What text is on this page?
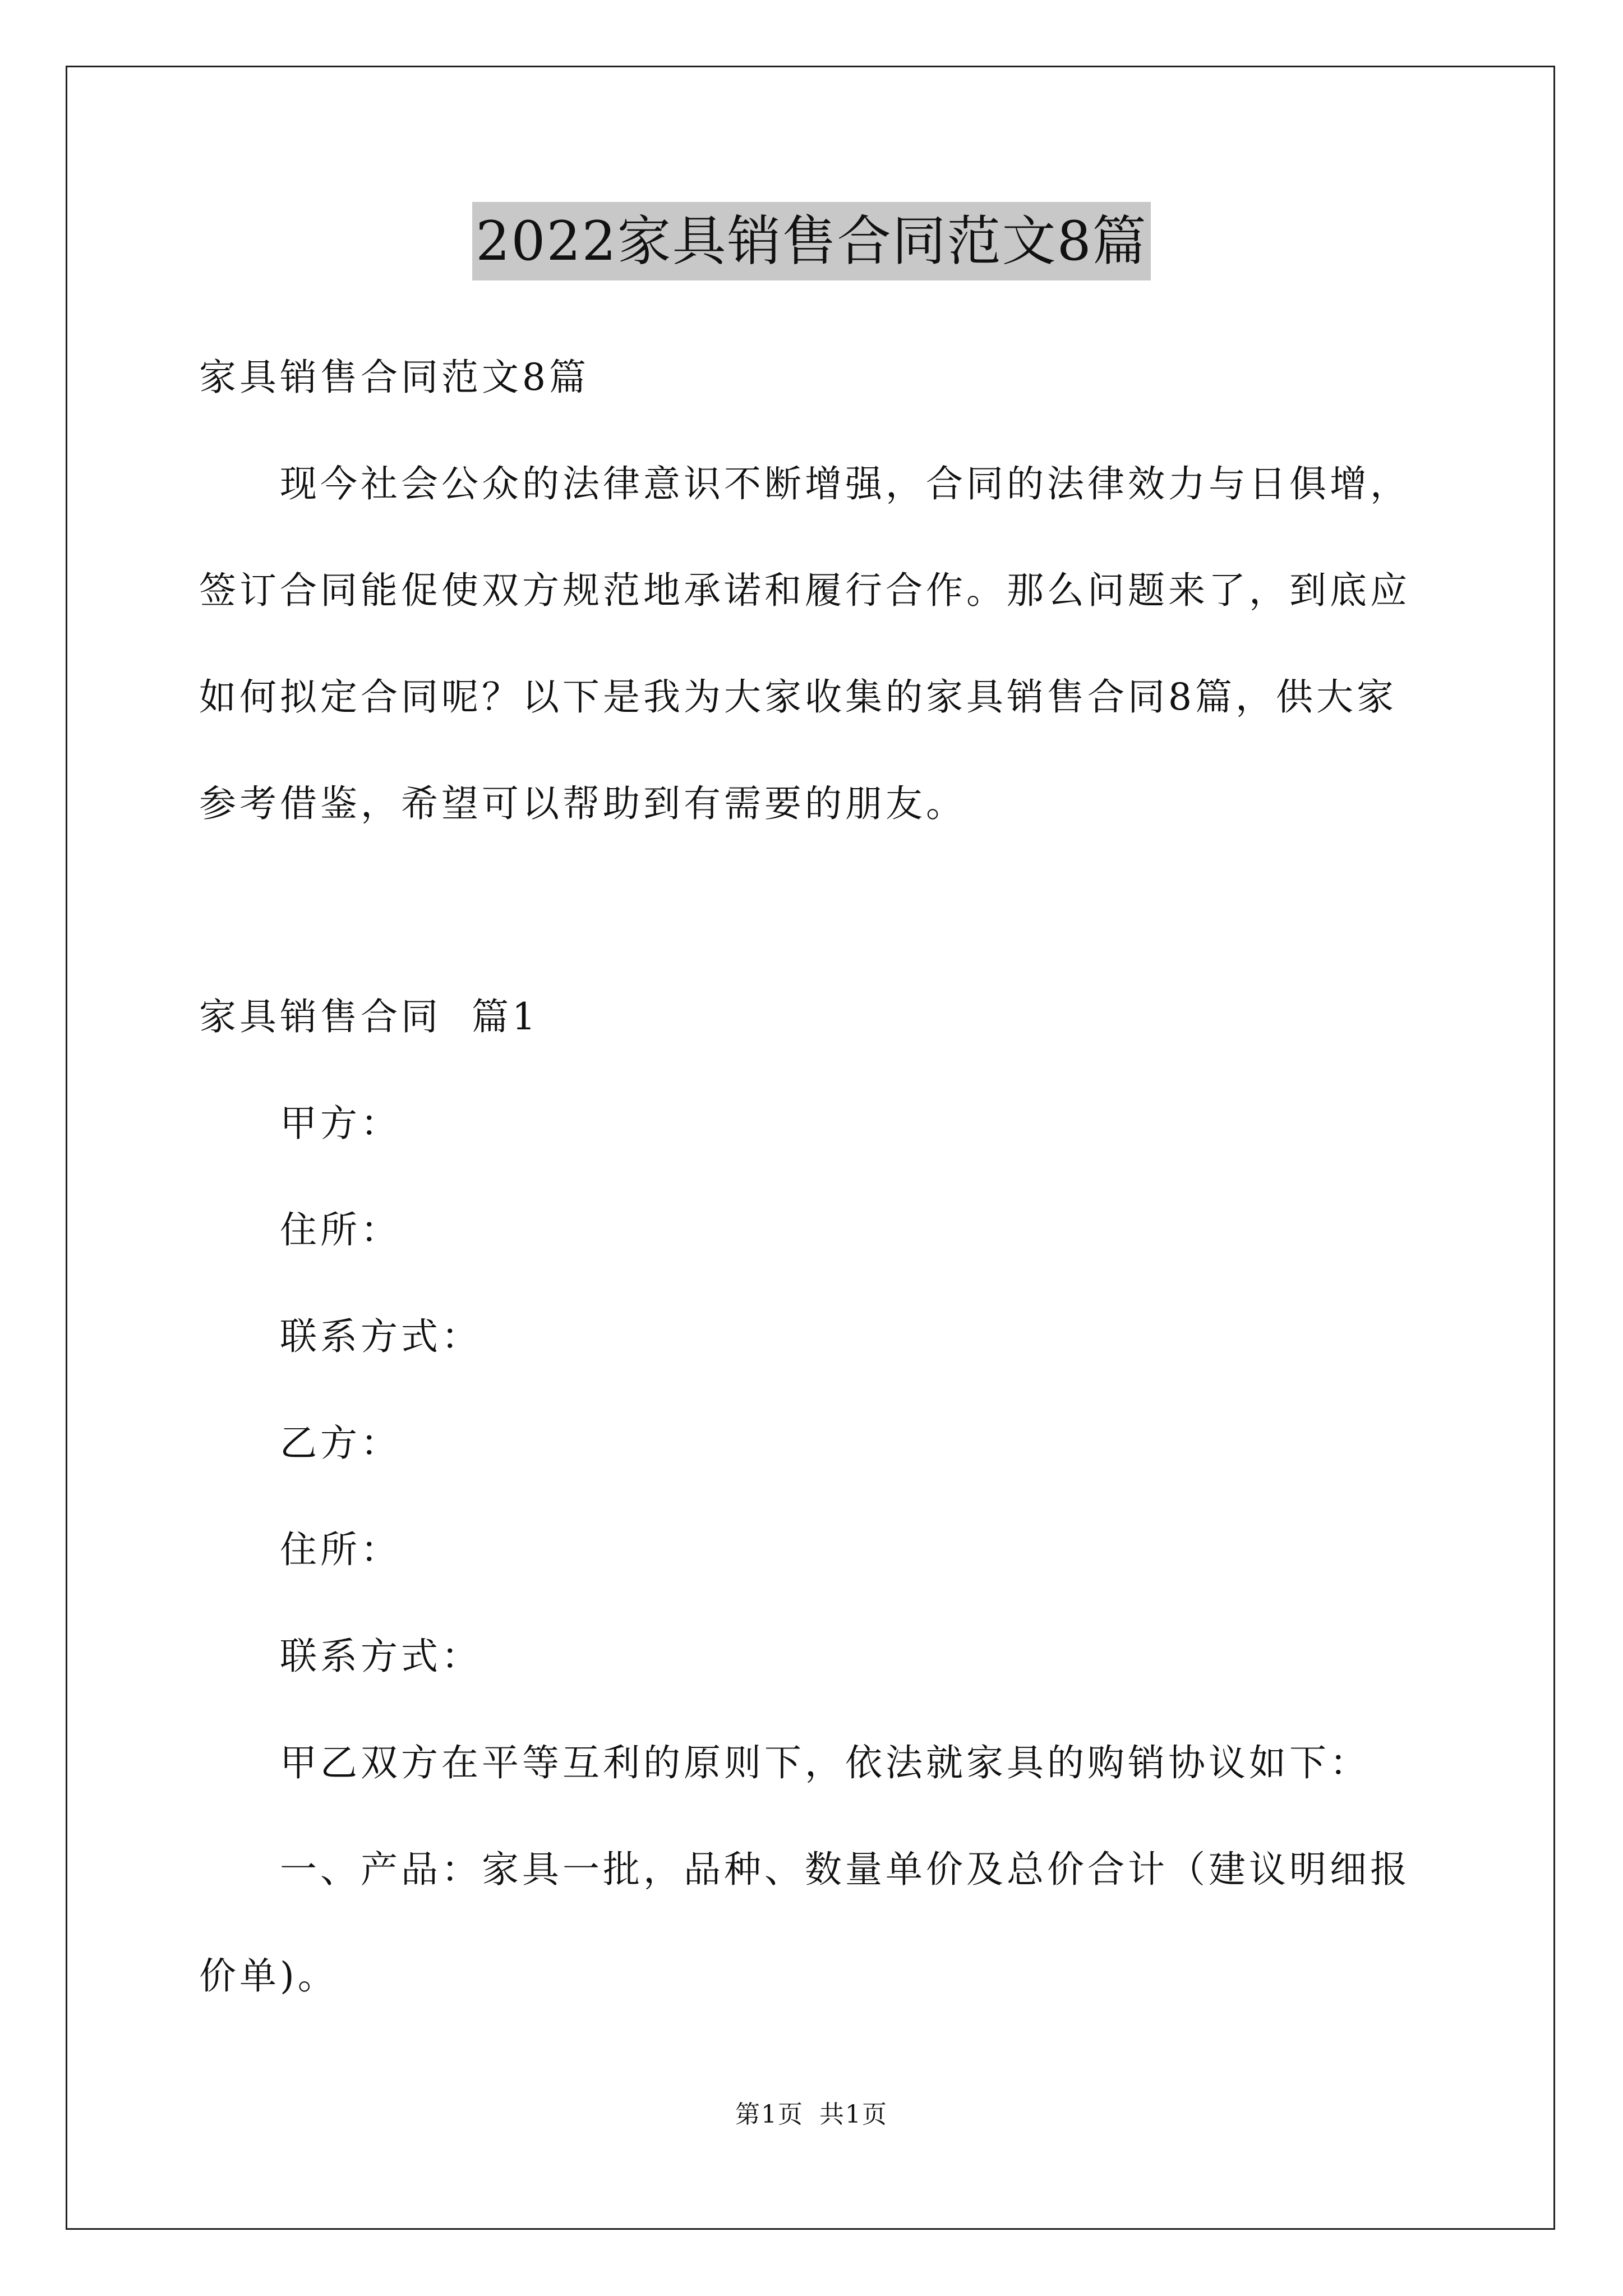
2022家具销售合同范文8篇
家具销售合同范文8篇
现今社会公众的法律意识不断增强，合同的法律效力与日俱增，
签订合同能促使双方规范地承诺和履行合作。那么问题来了，到底应
如何拟定合同呢？以下是我为大家收集的家具销售合同8篇，供大家
参考借鉴，希望可以帮助到有需要的朋友。
家具销售合同  篇1
甲方：
住所：
联系方式：
乙方：
住所：
联系方式：
甲乙双方在平等互利的原则下，依法就家具的购销协议如下：
一、产品：家具一批，品种、数量单价及总价合计（建议明细报
价单)。
第1页 共1页
